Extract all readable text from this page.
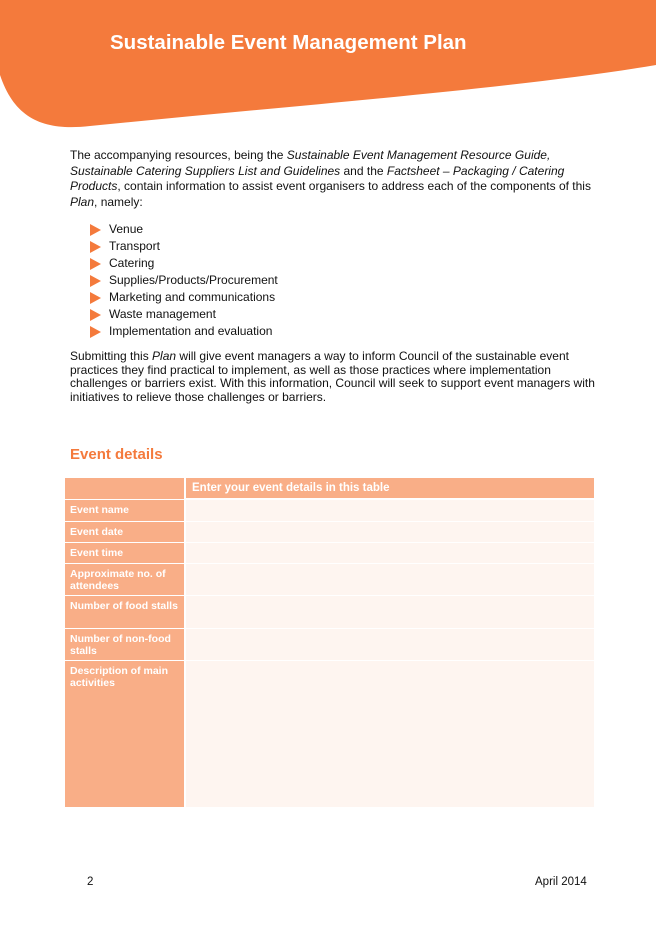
Sustainable Event Management Plan
The accompanying resources, being the Sustainable Event Management Resource Guide, Sustainable Catering Suppliers List and Guidelines and the Factsheet – Packaging / Catering Products, contain information to assist event organisers to address each of the components of this Plan, namely:
Venue
Transport
Catering
Supplies/Products/Procurement
Marketing and communications
Waste management
Implementation and evaluation
Submitting this Plan will give event managers a way to inform Council of the sustainable event practices they find practical to implement, as well as those practices where implementation challenges or barriers exist. With this information, Council will seek to support event managers with initiatives to relieve those challenges or barriers.
Event details
Enter your event details in this table
Event name
Event date
Event time
Approximate no. of attendees
Number of food stalls
Number of non-food stalls
Description of main activities
2	April 2014
